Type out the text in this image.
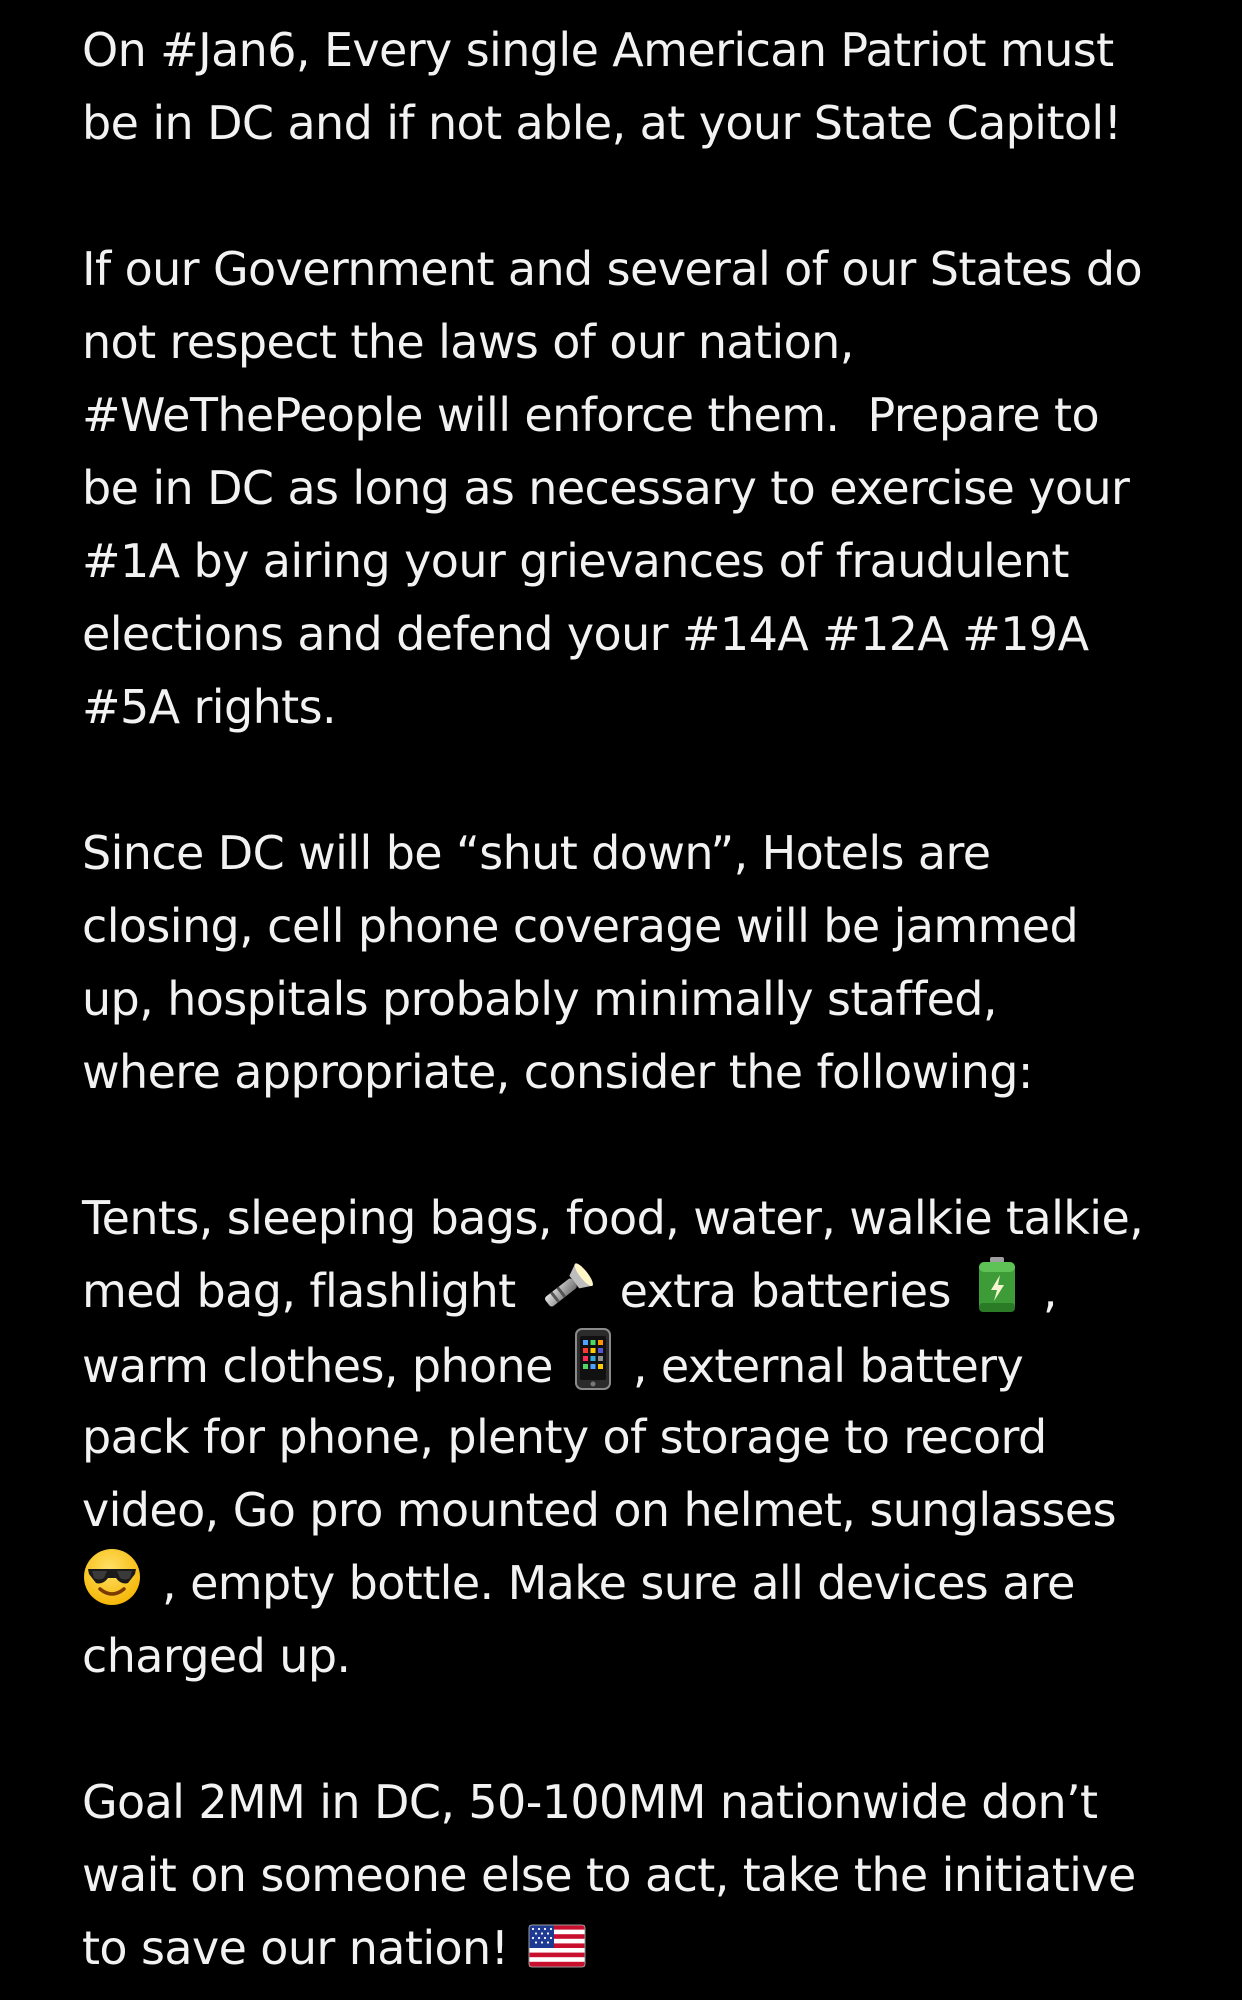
On #Jan6, Every single American Patriot must
be in DC and if not able, at your State Capitol!
If our Government and several of our States do
not respect the laws of our nation,
#WeThePeople will enforce them.  Prepare to
be in DC as long as necessary to exercise your
#1A by airing your grievances of fraudulent
elections and defend your #14A #12A #19A
#5A rights.
Since DC will be “shut down”, Hotels are
closing, cell phone coverage will be jammed
up, hospitals probably minimally staffed,
where appropriate, consider the following:
Tents, sleeping bags, food, water, walkie talkie,
med bag, flashlight  extra batteries  ,
warm clothes, phone  , external battery
pack for phone, plenty of storage to record
video, Go pro mounted on helmet, sunglasses
, empty bottle. Make sure all devices are
charged up.
Goal 2MM in DC, 50-100MM nationwide don’t
wait on someone else to act, take the initiative
to save our nation!
